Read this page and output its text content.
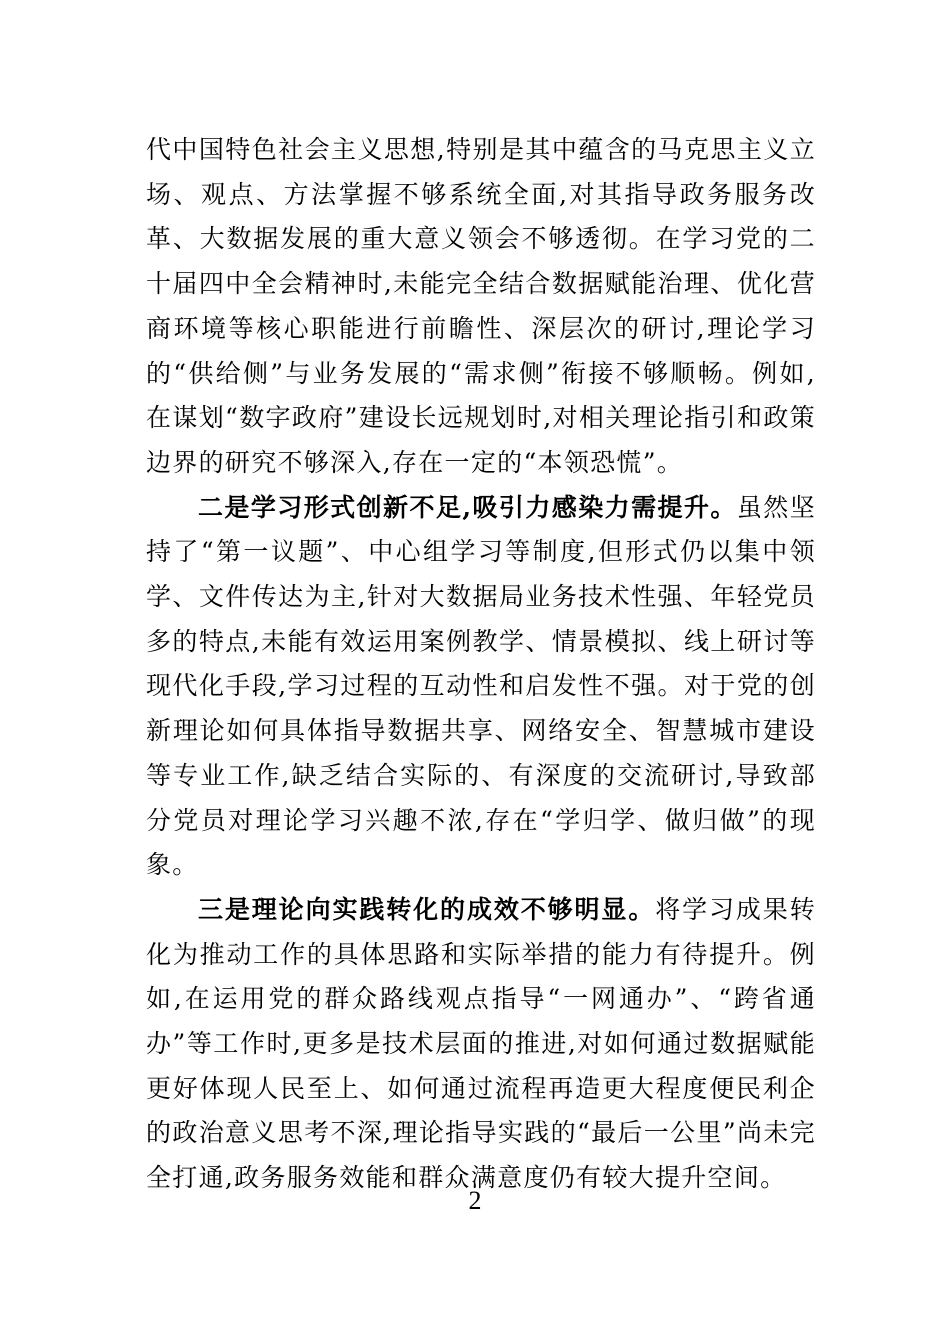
代中国特色社会主义思想,特别是其中蕴含的马克思主义立场、观点、方法掌握不够系统全面,对其指导政务服务改革、大数据发展的重大意义领会不够透彻。在学习党的二十届四中全会精神时,未能完全结合数据赋能治理、优化营商环境等核心职能进行前瞻性、深层次的研讨,理论学习的“供给侧”与业务发展的“需求侧”衔接不够顺畅。例如,在谋划“数字政府”建设长远规划时,对相关理论指引和政策边界的研究不够深入,存在一定的“本领恐慌”。

二是学习形式创新不足,吸引力感染力需提升。虽然坚持了“第一议题”、中心组学习等制度,但形式仍以集中领学、文件传达为主,针对大数据局业务技术性强、年轻党员多的特点,未能有效运用案例教学、情景模拟、线上研讨等现代化手段,学习过程的互动性和启发性不强。对于党的创新理论如何具体指导数据共享、网络安全、智慧城市建设等专业工作,缺乏结合实际的、有深度的交流研讨,导致部分党员对理论学习兴趣不浓,存在“学归学、做归做”的现象。

三是理论向实践转化的成效不够明显。将学习成果转化为推动工作的具体思路和实际举措的能力有待提升。例如,在运用党的群众路线观点指导“一网通办”、“跨省通办”等工作时,更多是技术层面的推进,对如何通过数据赋能更好体现人民至上、如何通过流程再造更大程度便民利企的政治意义思考不深,理论指导实践的“最后一公里”尚未完全打通,政务服务效能和群众满意度仍有较大提升空间。

2
